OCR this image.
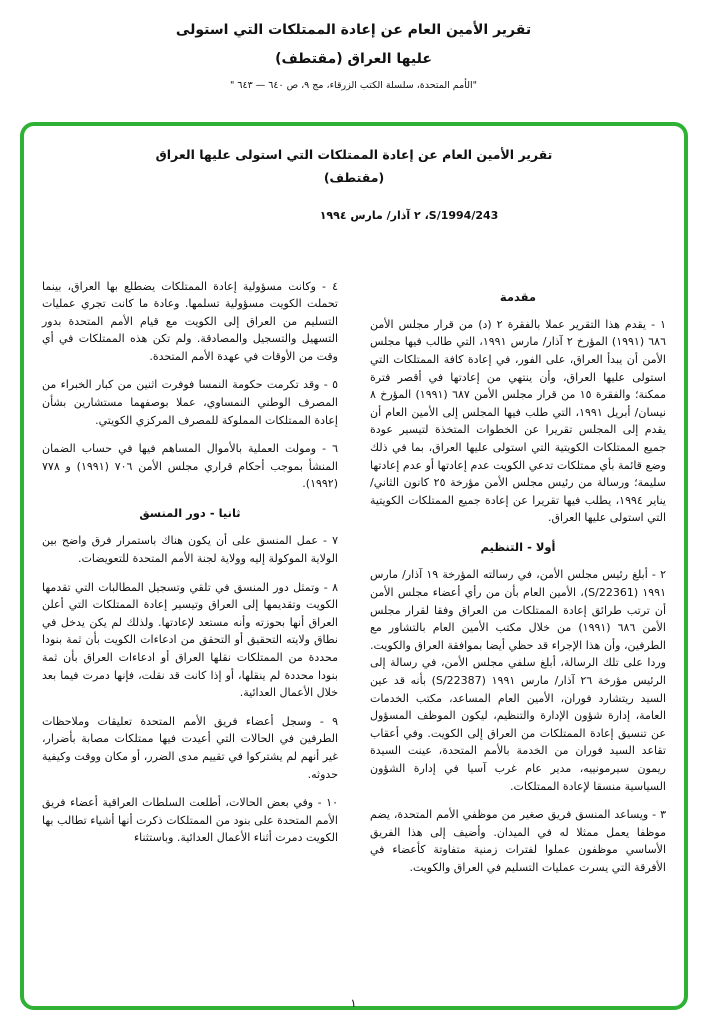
تقرير الأمين العام عن إعادة الممتلكات التي استولى
عليها العراق (مقتطف)
"الأمم المتحدة، سلسلة الكتب الزرقاء، مج ٩، ص ٦٤٠ — ٦٤٣ "
تقرير الأمين العام عن إعادة الممتلكات التي استولى عليها العراق
(مقتطف)
S/1994/243، ٢ آذار/ مارس ١٩٩٤
مقدمة

١ - يقدم هذا التقرير عملا بالفقرة ٢ (د) من قرار مجلس الأمن ٦٨٦ (١٩٩١) المؤرخ ٢ آذار/ مارس ١٩٩١، التي طالب فيها مجلس الأمن أن يبدأ العراق، على الفور، في إعادة كافة الممتلكات التي استولى عليها العراق، وأن ينتهي من إعادتها في أقصر فترة ممكنة؛ والفقرة ١٥ من قرار مجلس الأمن ٦٨٧ (١٩٩١) المؤرخ ٨ نيسان/ أبريل ١٩٩١، التي طلب فيها المجلس إلى الأمين العام أن يقدم إلى المجلس تقريرا عن الخطوات المتخذة لتيسير عودة جميع الممتلكات الكويتية التي استولى عليها العراق، بما في ذلك وضع قائمة بأي ممتلكات تدعي الكويت عدم إعادتها أو عدم إعادتها سليمة؛ ورسالة من رئيس مجلس الأمن مؤرخة ٢٥ كانون الثاني/ يناير ١٩٩٤، يطلب فيها تقريرا عن إعادة جميع الممتلكات الكويتية التي استولى عليها العراق.

أولا - التنظيم

٢ - أبلغ رئيس مجلس الأمن، في رسالته المؤرخة ١٩ آذار/ مارس ١٩٩١ (S/22361)، الأمين العام بأن من رأي أعضاء مجلس الأمن أن ترتب طرائق إعادة الممتلكات من العراق وفقا لقرار مجلس الأمن ٦٨٦ (١٩٩١) من خلال مكتب الأمين العام بالتشاور مع الطرفين، وأن هذا الإجراء قد حظي أيضا بموافقة العراق والكويت. وردا على تلك الرسالة، أبلغ سلفي مجلس الأمن، في رسالة إلى الرئيس مؤرخة ٢٦ آذار/ مارس ١٩٩١ (S/22387) بأنه قد عين السيد ريتشارد فوران، الأمين العام المساعد، مكتب الخدمات العامة، إدارة شؤون الإدارة والتنظيم، ليكون الموظف المسؤول عن تنسيق إعادة الممتلكات من العراق إلى الكويت. وفي أعقاب تقاعد السيد فوران من الخدمة بالأمم المتحدة، عينت السيدة ريمون سيرمونييه، مدير عام غرب آسيا في إدارة الشؤون السياسية منسقا لإعادة الممتلكات.

٣ - ويساعد المنسق فريق صغير من موظفي الأمم المتحدة، يضم موظفا يعمل ممثلا له في الميدان. وأضيف إلى هذا الفريق الأساسي موظفون عملوا لفترات زمنية متفاوتة كأعضاء في الأفرقة التي يسرت عمليات التسليم في العراق والكويت.

٤ - وكانت مسؤولية إعادة الممتلكات يضطلع بها العراق، بينما تحملت الكويت مسؤولية تسلمها. وعادة ما كانت تجري عمليات التسليم من العراق إلى الكويت مع قيام الأمم المتحدة بدور التسهيل والتسجيل والمصادقة. ولم تكن هذه الممتلكات في أي وقت من الأوقات في عهدة الأمم المتحدة.

٥ - وقد تكرمت حكومة النمسا فوفرت اثنين من كبار الخبراء من المصرف الوطني النمساوي، عملا بوصفهما مستشارين بشأن إعادة الممتلكات المملوكة للمصرف المركزي الكويتي.

٦ - ومولت العملية بالأموال المساهم فيها في حساب الضمان المنشأ بموجب أحكام قراري مجلس الأمن ٧٠٦ (١٩٩١) و ٧٧٨ (١٩٩٢).

ثانيا - دور المنسق

٧ - عمل المنسق على أن يكون هناك باستمرار فرق واضح بين الولاية الموكولة إليه وولاية لجنة الأمم المتحدة للتعويضات.

٨ - وتمثل دور المنسق في تلقي وتسجيل المطالبات التي تقدمها الكويت وتقديمها إلى العراق وتيسير إعادة الممتلكات التي أعلن العراق أنها بحوزته وأنه مستعد لإعادتها. ولذلك لم يكن يدخل في نطاق ولايته التحقيق أو التحقق من ادعاءات الكويت بأن ثمة بنودا محددة من الممتلكات نقلها العراق أو ادعاءات العراق بأن ثمة بنودا محددة لم ينقلها، أو إذا كانت قد نقلت، فإنها دمرت فيما بعد خلال الأعمال العدائية.

٩ - وسجل أعضاء فريق الأمم المتحدة تعليقات وملاحظات الطرفين في الحالات التي أعيدت فيها ممتلكات مصابة بأضرار، غير أنهم لم يشتركوا في تقييم مدى الضرر، أو مكان ووقت وكيفية حدوثه.

١٠ - وفي بعض الحالات، أطلعت السلطات العراقية أعضاء فريق الأمم المتحدة على بنود من الممتلكات ذكرت أنها أشياء تطالب بها الكويت دمرت أثناء الأعمال العدائية. وباستثناء

١
